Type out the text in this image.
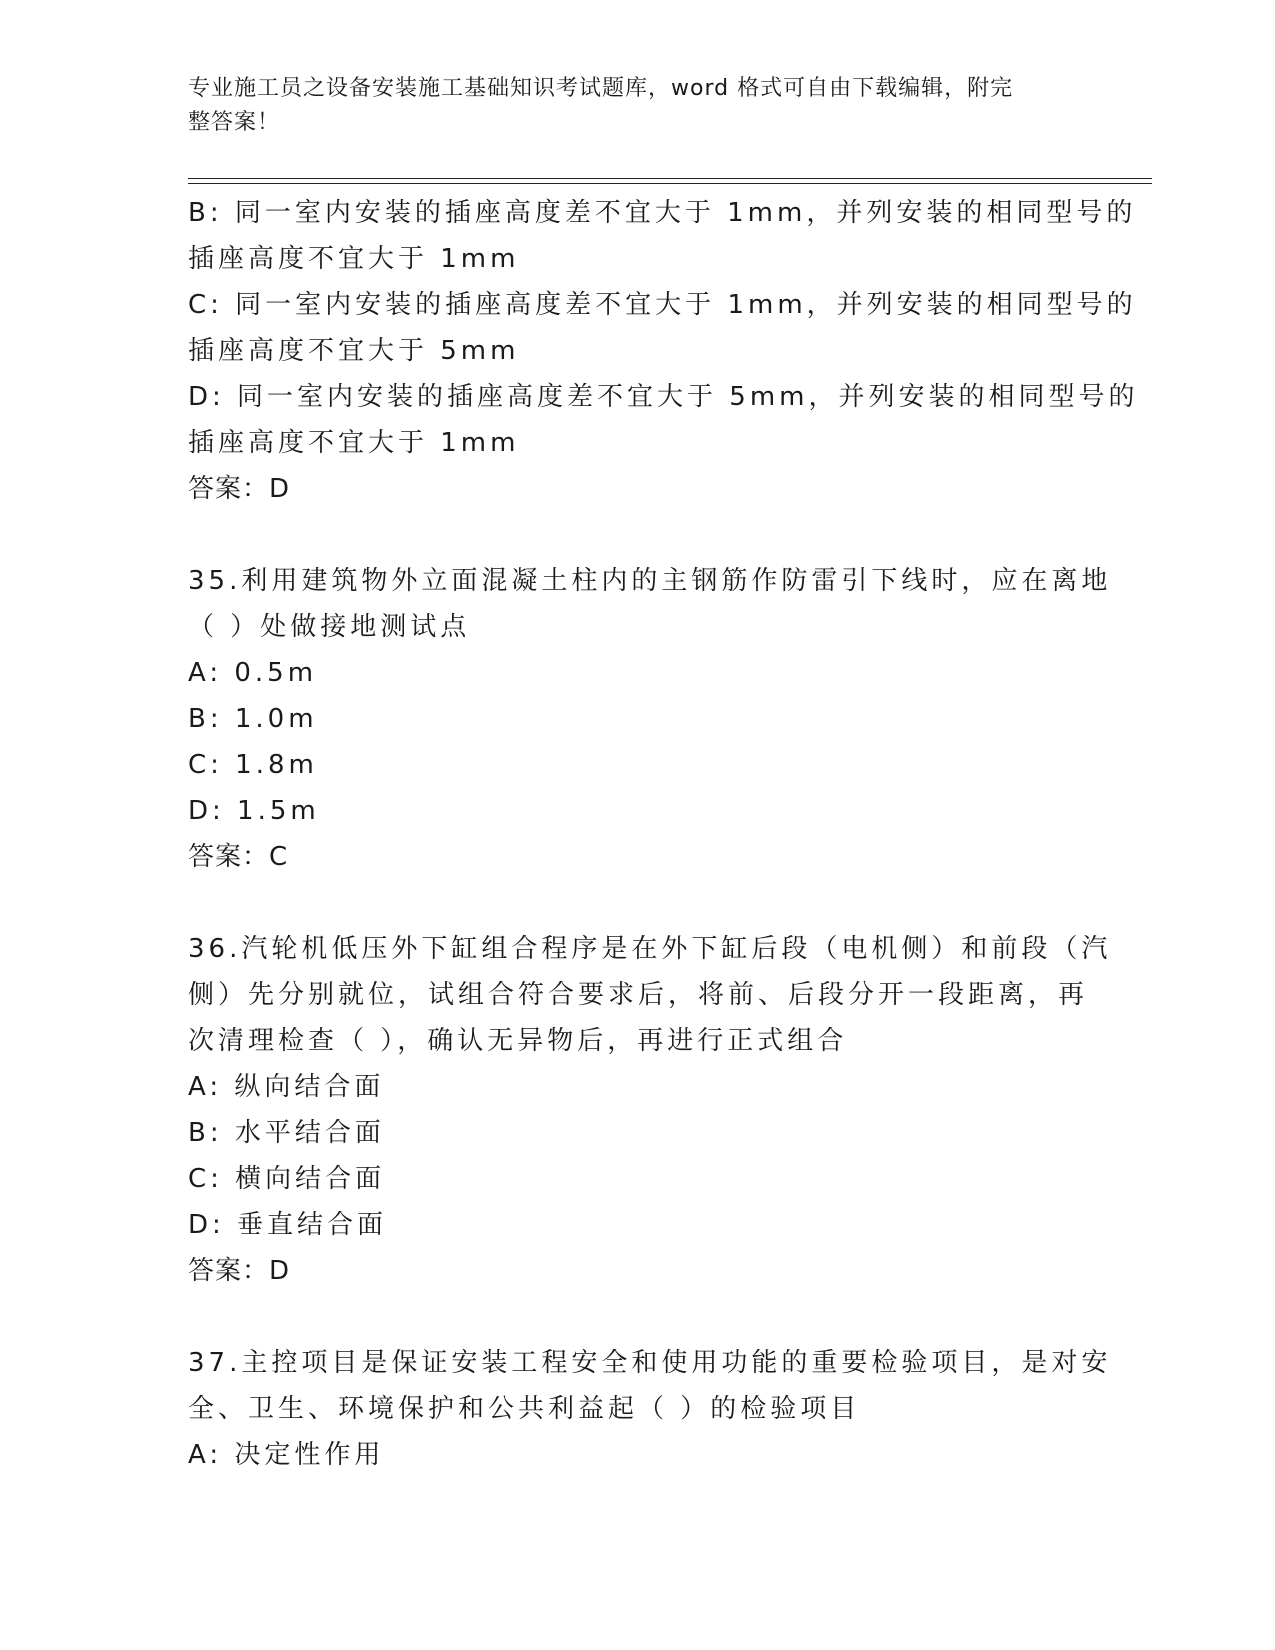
专业施工员之设备安装施工基础知识考试题库，word 格式可自由下载编辑，附完
整答案！
B: 同一室内安装的插座高度差不宜大于 1mm，并列安装的相同型号的
插座高度不宜大于 1mm
C: 同一室内安装的插座高度差不宜大于 1mm，并列安装的相同型号的
插座高度不宜大于 5mm
D: 同一室内安装的插座高度差不宜大于 5mm，并列安装的相同型号的
插座高度不宜大于 1mm
答案：D
35.利用建筑物外立面混凝土柱内的主钢筋作防雷引下线时，应在离地
（ ）处做接地测试点
A: 0.5m
B: 1.0m
C: 1.8m
D: 1.5m
答案：C
36.汽轮机低压外下缸组合程序是在外下缸后段（电机侧）和前段（汽
侧）先分别就位，试组合符合要求后，将前、后段分开一段距离，再
次清理检查（ ），确认无异物后，再进行正式组合
A: 纵向结合面
B: 水平结合面
C: 横向结合面
D: 垂直结合面
答案：D
37.主控项目是保证安装工程安全和使用功能的重要检验项目，是对安
全、卫生、环境保护和公共利益起（ ）的检验项目
A: 决定性作用
